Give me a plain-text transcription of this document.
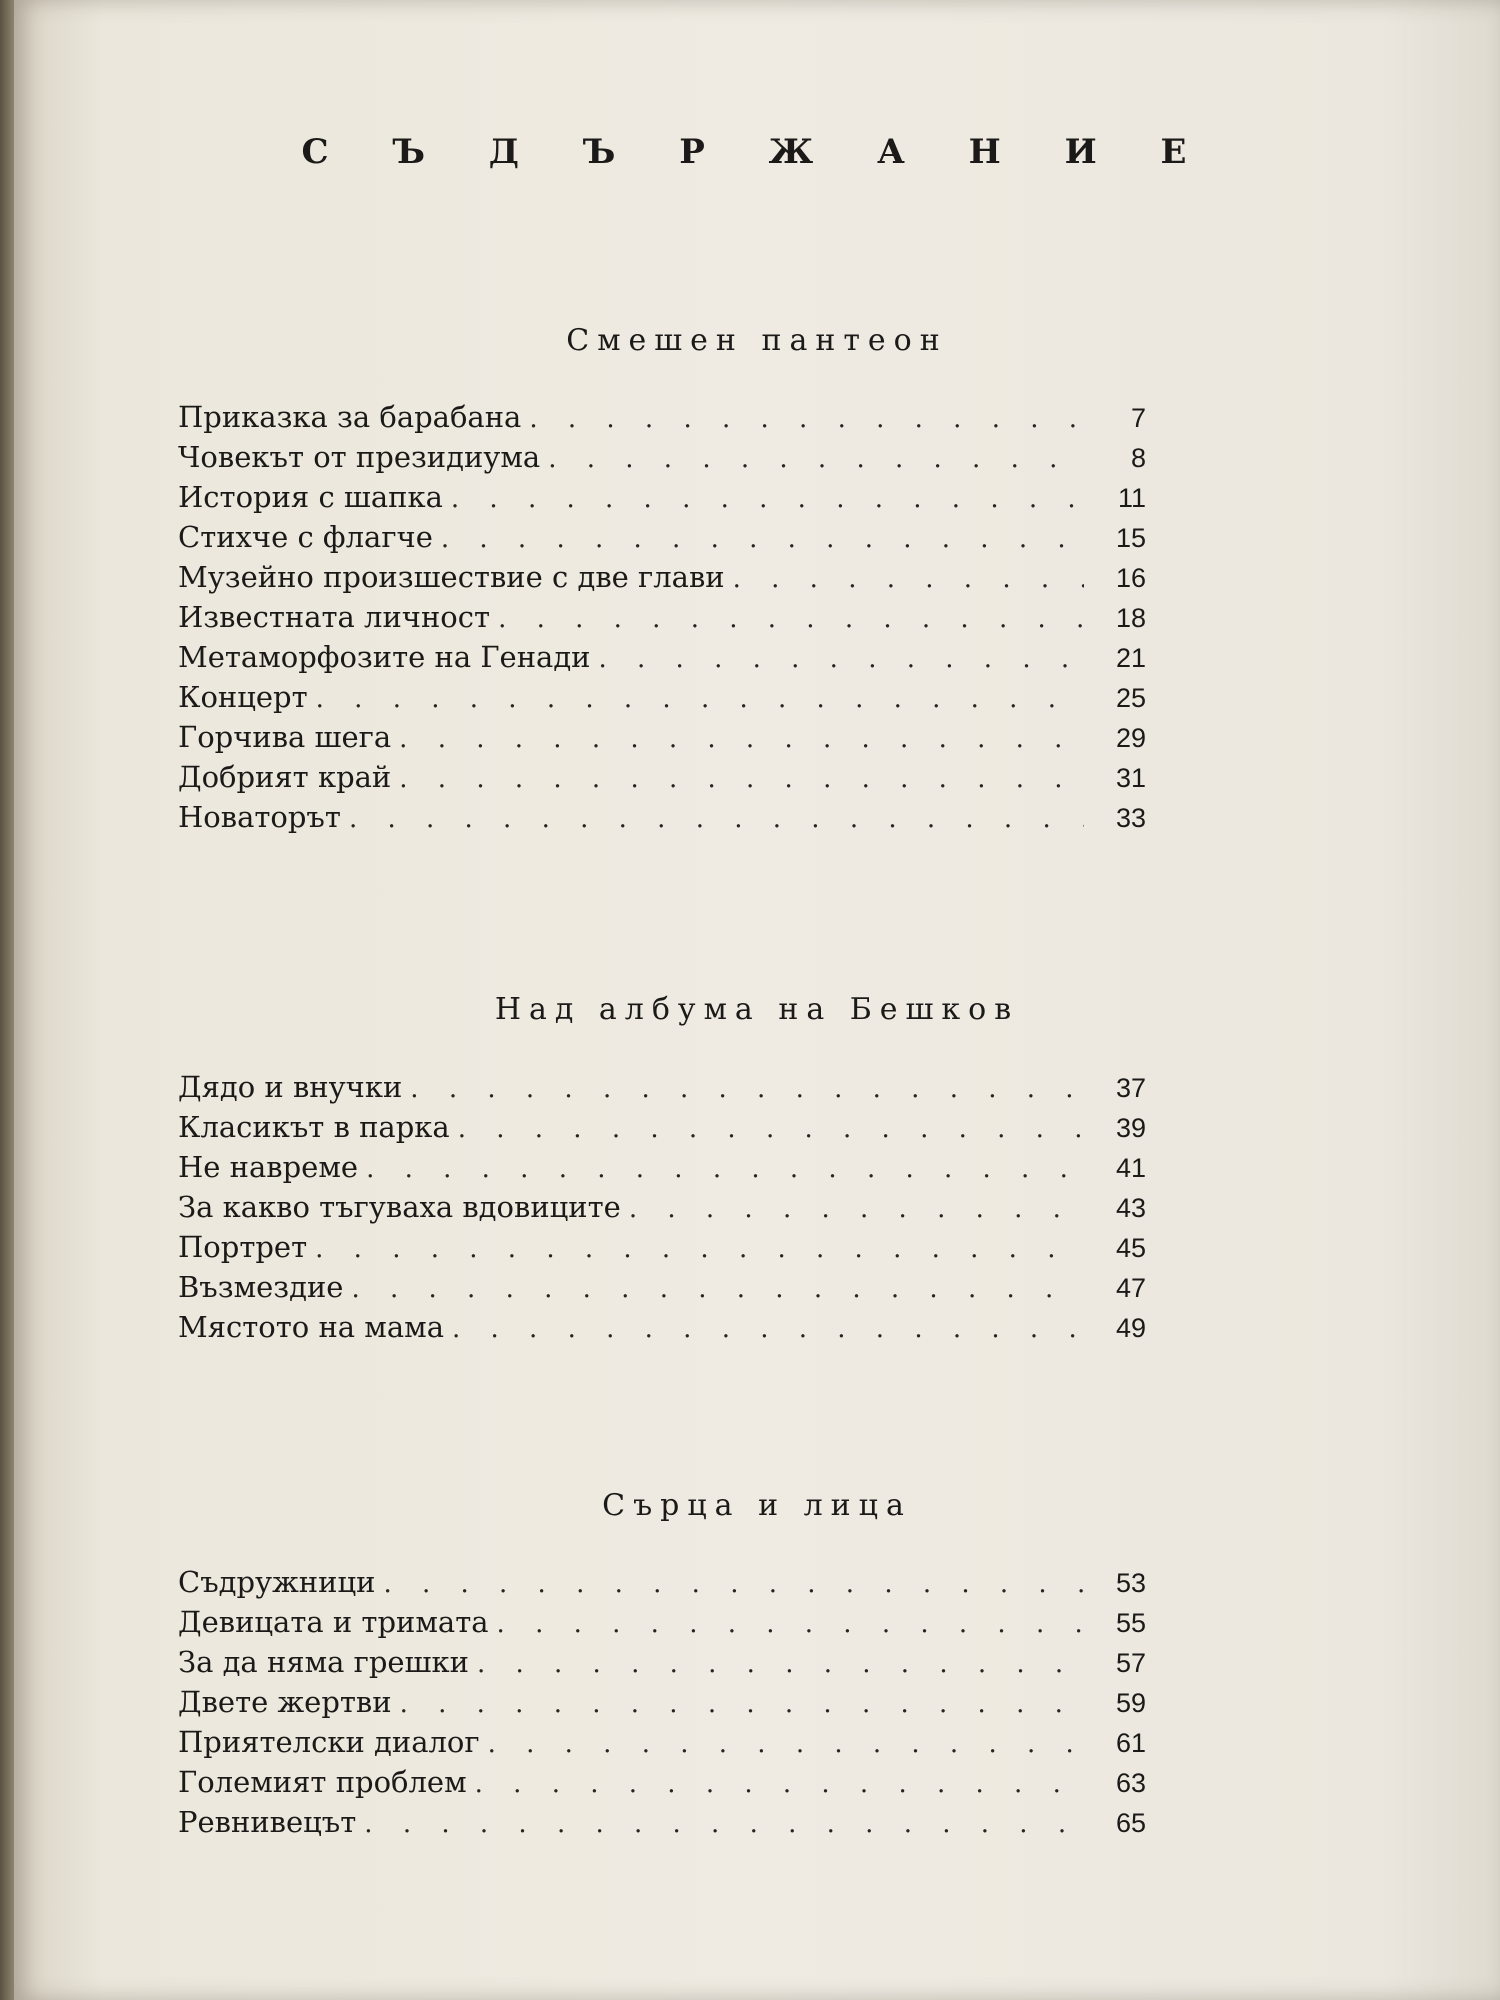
С Ъ Д Ъ Р Ж А Н И Е
Смешен пантеон
Приказка за барабана . . .	7
Човекът от президиума . . .	8
История с шапка . . .	11
Стихче с флагче . . .	15
Музейно произшествие с две глави . . .	16
Известната личност . . .	18
Метаморфозите на Генади . . .	21
Концерт . . .	25
Горчива шега . . .	29
Добрият край . . .	31
Новаторът . . .	33
Над албума на Бешков
Дядо и внучки . . .	37
Класикът в парка . . .	39
Не навреме . . .	41
За какво тъгуваха вдовиците . . .	43
Портрет . . .	45
Възмездие . . .	47
Мястото на мама . . .	49
Сърца и лица
Съдружници . . .	53
Девицата и тримата . . .	55
За да няма грешки . . .	57
Двете жертви . . .	59
Приятелски диалог . . .	61
Големият проблем . . .	63
Ревнивецът . . .	65
